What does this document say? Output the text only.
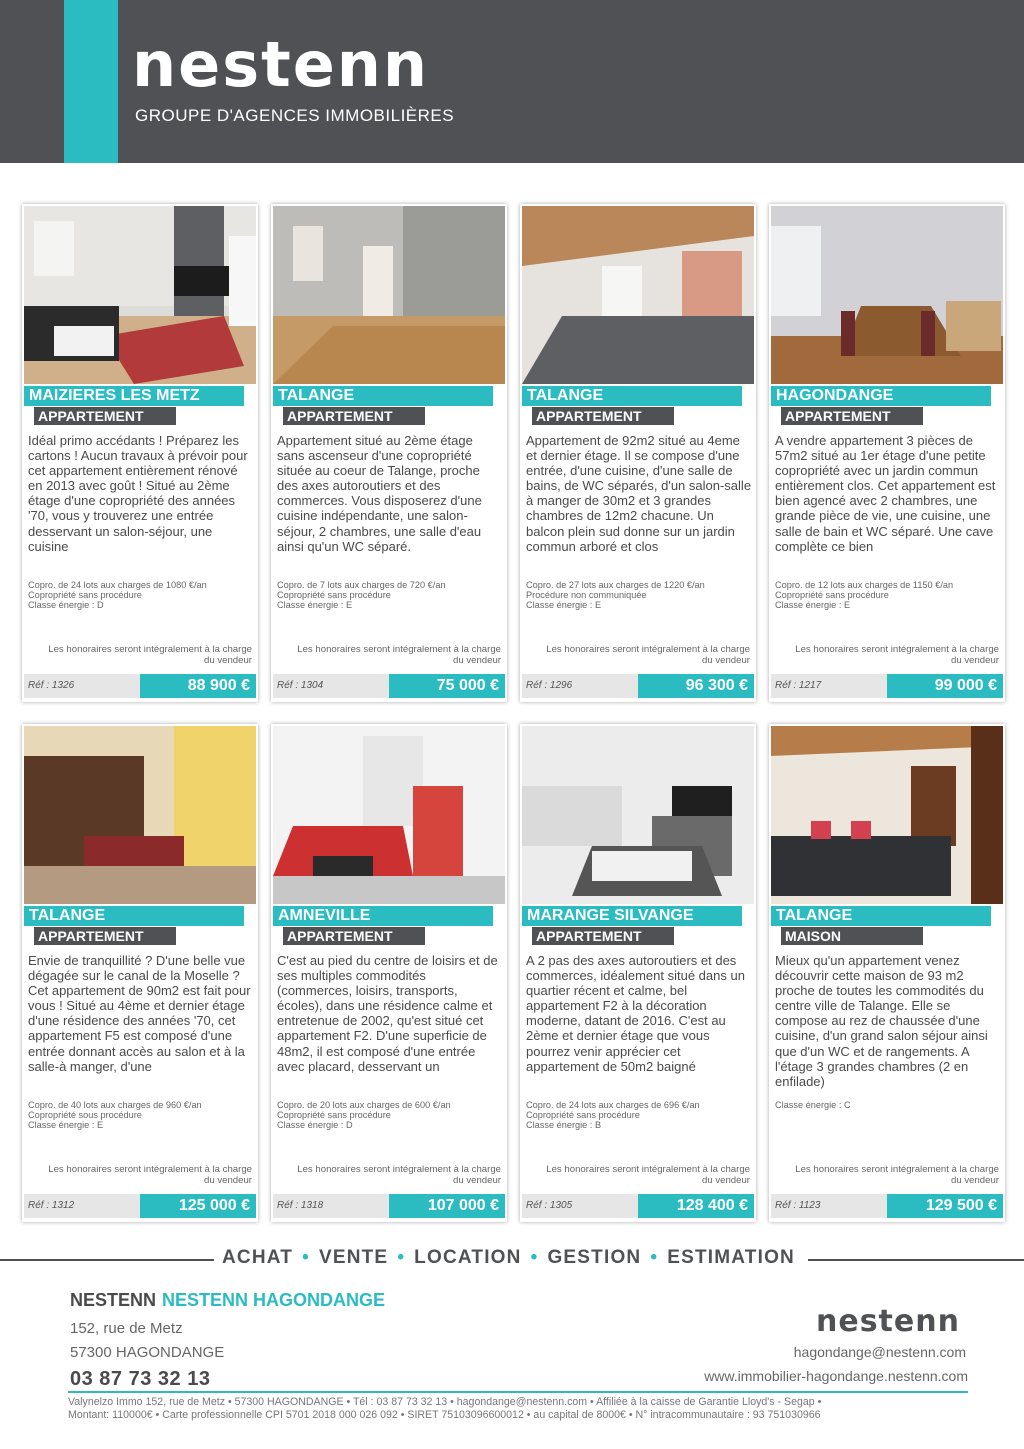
nestenn
GROUPE D'AGENCES IMMOBILIÈRES
MAIZIERES LES METZ
APPARTEMENT
Idéal primo accédants ! Préparez les cartons ! Aucun travaux à prévoir pour cet appartement entièrement rénové en 2013 avec goût ! Situé au 2ème étage d'une copropriété des années '70, vous y trouverez une entrée desservant un salon-séjour, une cuisine
Copro. de 24 lots aux charges de 1080 €/an
Copropriété sans procédure
Classe énergie : D
Les honoraires seront intégralement à la charge du vendeur
Réf : 1326	88 900 €
TALANGE
APPARTEMENT
Appartement situé au 2ème étage sans ascenseur d'une copropriété située au coeur de Talange, proche des axes autoroutiers et des commerces. Vous disposerez d'une cuisine indépendante, une salon-séjour, 2 chambres, une salle d'eau ainsi qu'un WC séparé.
Copro. de 7 lots aux charges de 720 €/an
Copropriété sans procédure
Classe énergie : E
Les honoraires seront intégralement à la charge du vendeur
Réf : 1304	75 000 €
TALANGE
APPARTEMENT
Appartement de 92m2 situé au 4eme et dernier étage. Il se compose d'une entrée, d'une cuisine, d'une salle de bains, de WC séparés, d'un salon-salle à manger de 30m2 et 3 grandes chambres de 12m2 chacune. Un balcon plein sud donne sur un jardin commun arboré et clos
Copro. de 27 lots aux charges de 1220 €/an
Procédure non communiquée
Classe énergie : E
Les honoraires seront intégralement à la charge du vendeur
Réf : 1296	96 300 €
HAGONDANGE
APPARTEMENT
A vendre appartement 3 pièces de 57m2 situé au 1er étage d'une petite copropriété avec un jardin commun entièrement clos. Cet appartement est bien agencé avec 2 chambres, une grande pièce de vie, une cuisine, une salle de bain et WC séparé. Une cave complète ce bien
Copro. de 12 lots aux charges de 1150 €/an
Copropriété sans procédure
Classe énergie : E
Les honoraires seront intégralement à la charge du vendeur
Réf : 1217	99 000 €
TALANGE
APPARTEMENT
Envie de tranquillité ? D'une belle vue dégagée sur le canal de la Moselle ? Cet appartement de 90m2 est fait pour vous ! Situé au 4ème et dernier étage d'une résidence des années '70, cet appartement F5 est composé d'une entrée donnant accès au salon et à la salle-à manger, d'une
Copro. de 40 lots aux charges de 960 €/an
Copropriété sous procédure
Classe énergie : E
Les honoraires seront intégralement à la charge du vendeur
Réf : 1312	125 000 €
AMNEVILLE
APPARTEMENT
C'est au pied du centre de loisirs et de ses multiples commodités (commerces, loisirs, transports, écoles), dans une résidence calme et entretenue de 2002, qu'est situé cet appartement F2. D'une superficie de 48m2, il est composé d'une entrée avec placard, desservant un
Copro. de 20 lots aux charges de 600 €/an
Copropriété sans procédure
Classe énergie : D
Les honoraires seront intégralement à la charge du vendeur
Réf : 1318	107 000 €
MARANGE SILVANGE
APPARTEMENT
A 2 pas des axes autoroutiers et des commerces, idéalement situé dans un quartier récent et calme, bel appartement F2 à la décoration moderne, datant de 2016. C'est au 2ème et dernier étage que vous pourrez venir apprécier cet appartement de 50m2 baigné
Copro. de 24 lots aux charges de 696 €/an
Copropriété sans procédure
Classe énergie : B
Les honoraires seront intégralement à la charge du vendeur
Réf : 1305	128 400 €
TALANGE
MAISON
Mieux qu'un appartement venez découvrir cette maison de 93 m2 proche de toutes les commodités du centre ville de Talange. Elle se compose au rez de chaussée d'une cuisine, d'un grand salon séjour ainsi que d'un WC et de rangements. A l'étage 3 grandes chambres (2 en enfilade)
Classe énergie : C
Les honoraires seront intégralement à la charge du vendeur
Réf : 1123	129 500 €
ACHAT • VENTE • LOCATION • GESTION • ESTIMATION
NESTENN NESTENN HAGONDANGE
152, rue de Metz
57300 HAGONDANGE
03 87 73 32 13
nestenn
hagondange@nestenn.com
www.immobilier-hagondange.nestenn.com
Valynelzo Immo 152, rue de Metz • 57300 HAGONDANGE • Tél : 03 87 73 32 13 • hagondange@nestenn.com • Affiliée à la caisse de Garantie Lloyd's - Segap •
Montant: 110000€ • Carte professionnelle CPI 5701 2018 000 026 092 • SIRET 75103096600012 • au capital de 8000€ • N° intracommunautaire : 93 751030966
